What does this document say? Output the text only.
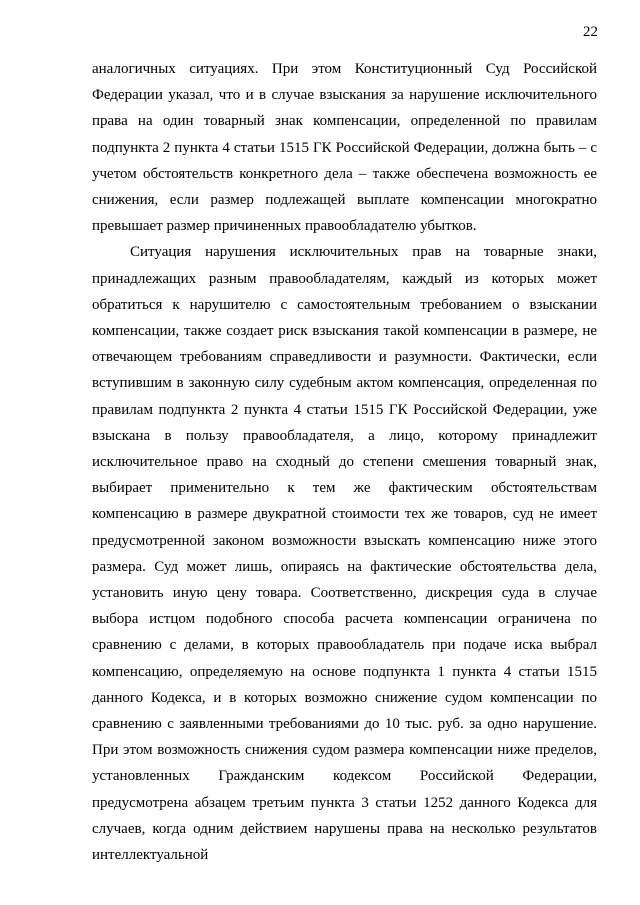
22

аналогичных ситуациях. При этом Конституционный Суд Российской Федерации указал, что и в случае взыскания за нарушение исключительного права на один товарный знак компенсации, определенной по правилам подпункта 2 пункта 4 статьи 1515 ГК Российской Федерации, должна быть – с учетом обстоятельств конкретного дела – также обеспечена возможность ее снижения, если размер подлежащей выплате компенсации многократно превышает размер причиненных правообладателю убытков.

Ситуация нарушения исключительных прав на товарные знаки, принадлежащих разным правообладателям, каждый из которых может обратиться к нарушителю с самостоятельным требованием о взыскании компенсации, также создает риск взыскания такой компенсации в размере, не отвечающем требованиям справедливости и разумности. Фактически, если вступившим в законную силу судебным актом компенсация, определенная по правилам подпункта 2 пункта 4 статьи 1515 ГК Российской Федерации, уже взыскана в пользу правообладателя, а лицо, которому принадлежит исключительное право на сходный до степени смешения товарный знак, выбирает применительно к тем же фактическим обстоятельствам компенсацию в размере двукратной стоимости тех же товаров, суд не имеет предусмотренной законом возможности взыскать компенсацию ниже этого размера. Суд может лишь, опираясь на фактические обстоятельства дела, установить иную цену товара. Соответственно, дискреция суда в случае выбора истцом подобного способа расчета компенсации ограничена по сравнению с делами, в которых правообладатель при подаче иска выбрал компенсацию, определяемую на основе подпункта 1 пункта 4 статьи 1515 данного Кодекса, и в которых возможно снижение судом компенсации по сравнению с заявленными требованиями до 10 тыс. руб. за одно нарушение. При этом возможность снижения судом размера компенсации ниже пределов, установленных Гражданским кодексом Российской Федерации, предусмотрена абзацем третьим пункта 3 статьи 1252 данного Кодекса для случаев, когда одним действием нарушены права на несколько результатов интеллектуальной
